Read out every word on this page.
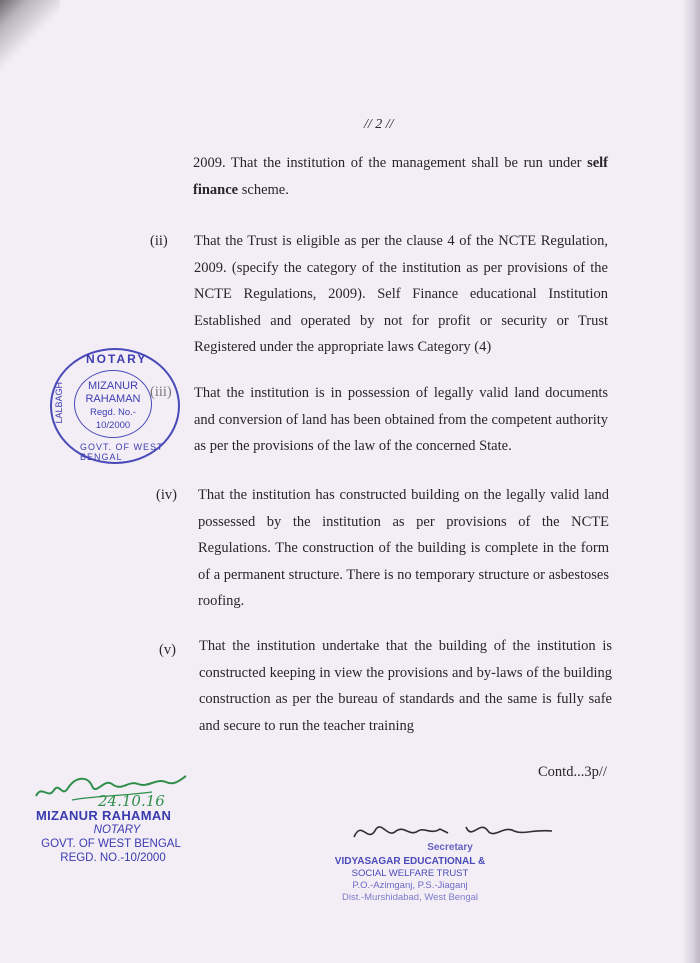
// 2 //

2009. That the institution of the management shall be run under self finance scheme.

(ii) That the Trust is eligible as per the clause 4 of the NCTE Regulation, 2009. (specify the category of the institution as per provisions of the NCTE Regulations, 2009). Self Finance educational Institution Established and operated by not for profit or security or Trust Registered under the appropriate laws Category (4)

(iii) That the institution is in possession of legally valid land documents and conversion of land has been obtained from the competent authority as per the provisions of the law of the concerned State.

(iv) That the institution has constructed building on the legally valid land possessed by the institution as per provisions of the NCTE Regulations. The construction of the building is complete in the form of a permanent structure. There is no temporary structure or asbestoses roofing.

(v) That the institution undertake that the building of the institution is constructed keeping in view the provisions and by-laws of the building construction as per the bureau of standards and the same is fully safe and secure to run the teacher training

Contd...3p//
NOTARY
LALBAGH	MIZANUR
RAHAMAN
Regd. No.-
10/2000
GOVT. OF WEST BENGAL
24.10.16
MIZANUR RAHAMAN
NOTARY
GOVT. OF WEST BENGAL
REGD. NO.-10/2000
Secretary
VIDYASAGAR EDUCATIONAL &
SOCIAL WELFARE TRUST
P.O.-Azimganj, P.S.-Jiaganj
Dist.-Murshidabad, West Bengal
